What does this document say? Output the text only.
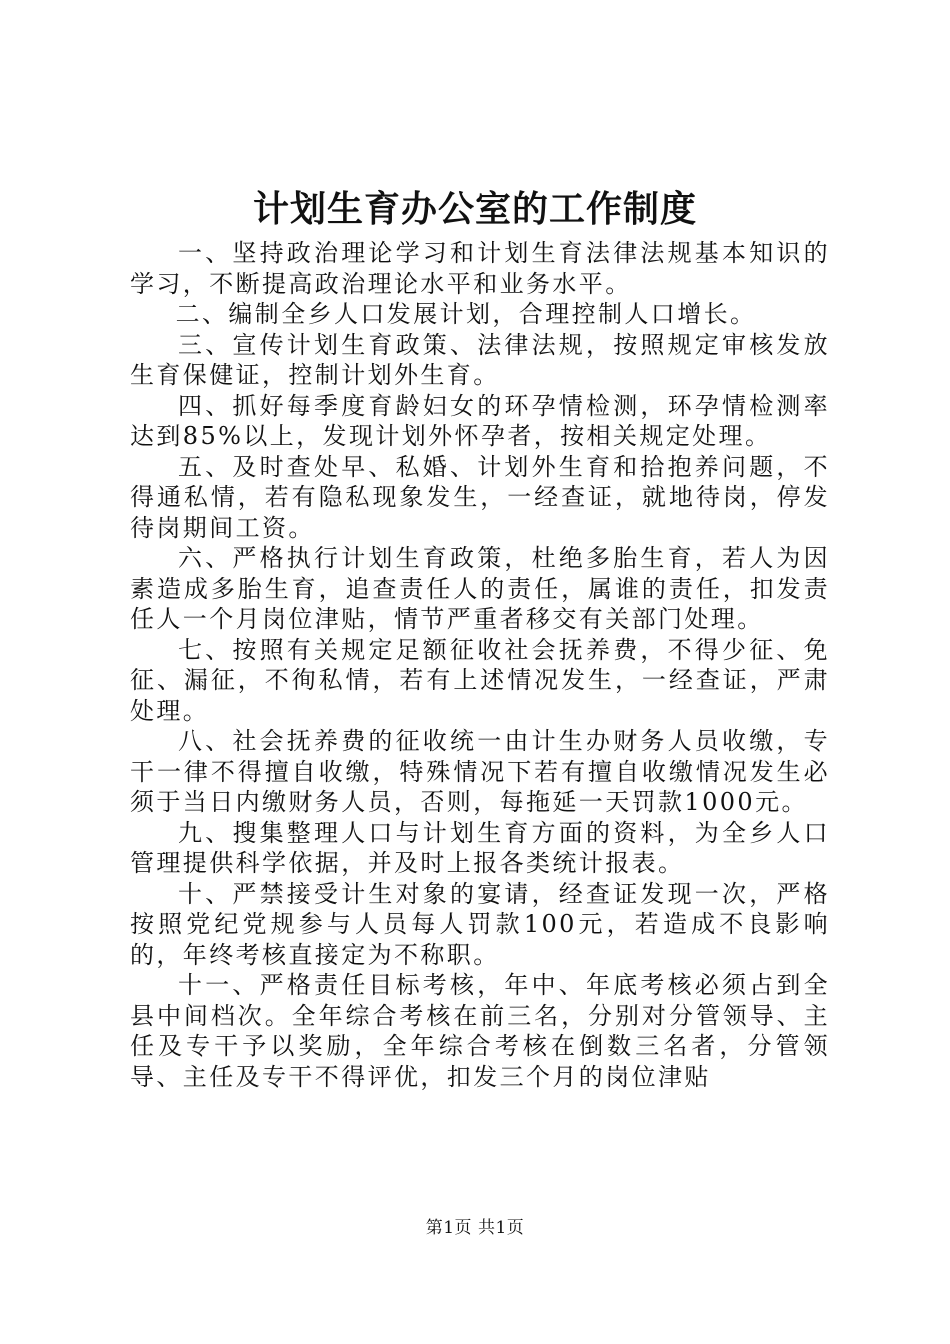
计划生育办公室的工作制度

一、坚持政治理论学习和计划生育法律法规基本知识的学习，不断提高政治理论水平和业务水平。

二、编制全乡人口发展计划，合理控制人口增长。

三、宣传计划生育政策、法律法规，按照规定审核发放生育保健证，控制计划外生育。

四、抓好每季度育龄妇女的环孕情检测，环孕情检测率达到85%以上，发现计划外怀孕者，按相关规定处理。

五、及时查处早、私婚、计划外生育和拾抱养问题，不得通私情，若有隐私现象发生，一经查证，就地待岗，停发待岗期间工资。

六、严格执行计划生育政策，杜绝多胎生育，若人为因素造成多胎生育，追查责任人的责任，属谁的责任，扣发责任人一个月岗位津贴，情节严重者移交有关部门处理。

七、按照有关规定足额征收社会抚养费，不得少征、免征、漏征，不徇私情，若有上述情况发生，一经查证，严肃处理。

八、社会抚养费的征收统一由计生办财务人员收缴，专干一律不得擅自收缴，特殊情况下若有擅自收缴情况发生必须于当日内缴财务人员，否则，每拖延一天罚款1000元。

九、搜集整理人口与计划生育方面的资料，为全乡人口管理提供科学依据，并及时上报各类统计报表。

十、严禁接受计生对象的宴请，经查证发现一次，严格按照党纪党规参与人员每人罚款100元，若造成不良影响的，年终考核直接定为不称职。

十一、严格责任目标考核，年中、年底考核必须占到全县中间档次。全年综合考核在前三名，分别对分管领导、主任及专干予以奖励，全年综合考核在倒数三名者，分管领导、主任及专干不得评优，扣发三个月的岗位津贴

第1页 共1页
